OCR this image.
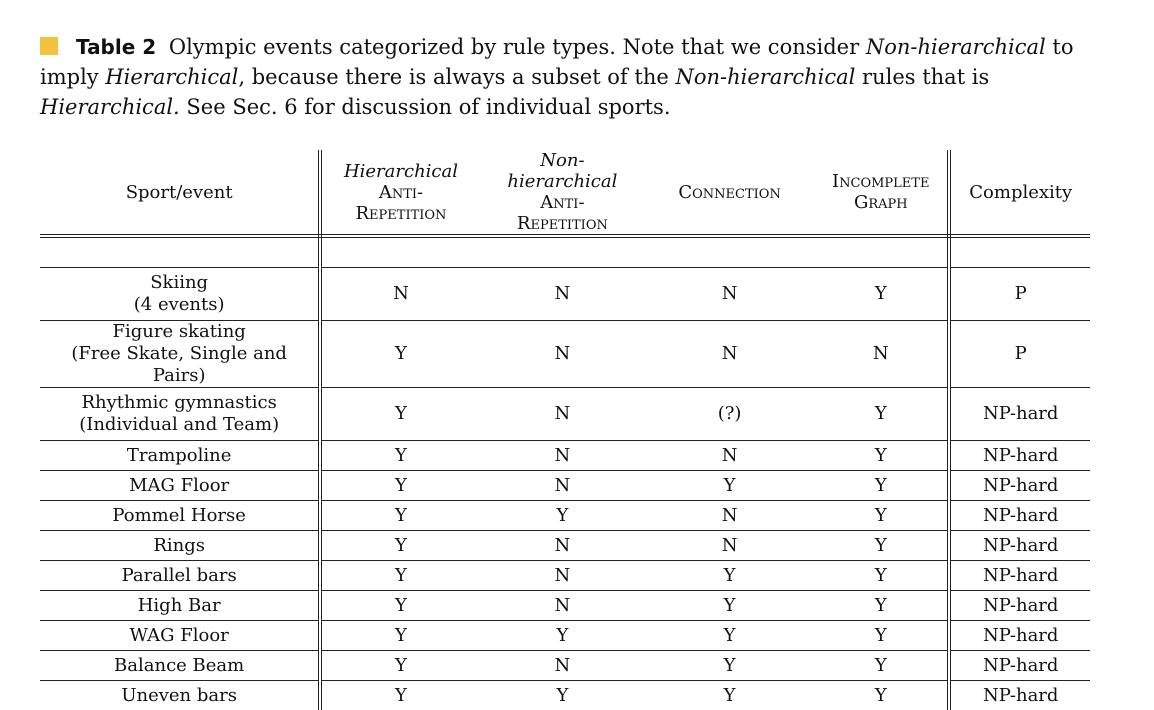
Table 2 Olympic events categorized by rule types. Note that we consider Non-hierarchical to imply Hierarchical, because there is always a subset of the Non-hierarchical rules that is Hierarchical. See Sec. 6 for discussion of individual sports.
Sport/event	Hierarchical
Anti-
Repetition	Non-hierarchical
Anti-
Repetition	Connection	Incomplete
Graph	Complexity

Skiing
(4 events)	N	N	N	Y	P
Figure skating
(Free Skate, Single and Pairs)	Y	N	N	N	P
Rhythmic gymnastics
(Individual and Team)	Y	N	(?)	Y	NP-hard
Trampoline	Y	N	N	Y	NP-hard
MAG Floor	Y	N	Y	Y	NP-hard
Pommel Horse	Y	Y	N	Y	NP-hard
Rings	Y	N	N	Y	NP-hard
Parallel bars	Y	N	Y	Y	NP-hard
High Bar	Y	N	Y	Y	NP-hard
WAG Floor	Y	Y	Y	Y	NP-hard
Balance Beam	Y	N	Y	Y	NP-hard
Uneven bars	Y	Y	Y	Y	NP-hard
